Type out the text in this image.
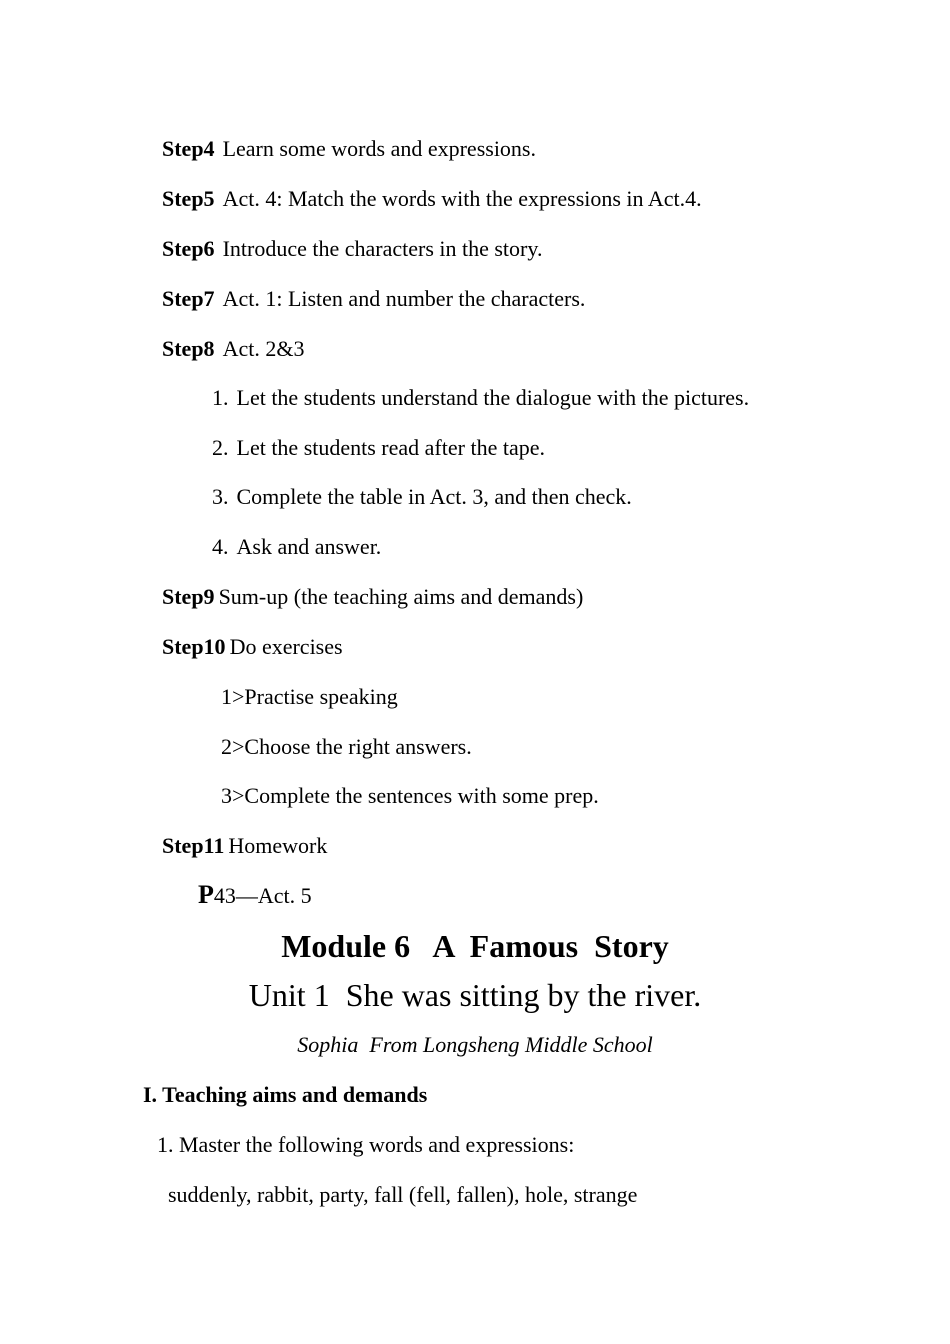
Step4 Learn some words and expressions.
Step5 Act. 4: Match the words with the expressions in Act.4.
Step6 Introduce the characters in the story.
Step7 Act. 1: Listen and number the characters.
Step8 Act. 2&3
1. Let the students understand the dialogue with the pictures.
2. Let the students read after the tape.
3. Complete the table in Act. 3, and then check.
4. Ask and answer.
Step9 Sum-up (the teaching aims and demands)
Step10 Do exercises
1>Practise speaking
2>Choose the right answers.
3>Complete the sentences with some prep.
Step11 Homework
P43—Act. 5
Module 6   A  Famous  Story
Unit 1  She was sitting by the river.
Sophia  From Longsheng Middle School
I. Teaching aims and demands
1. Master the following words and expressions:
suddenly, rabbit, party, fall (fell, fallen), hole, strange
